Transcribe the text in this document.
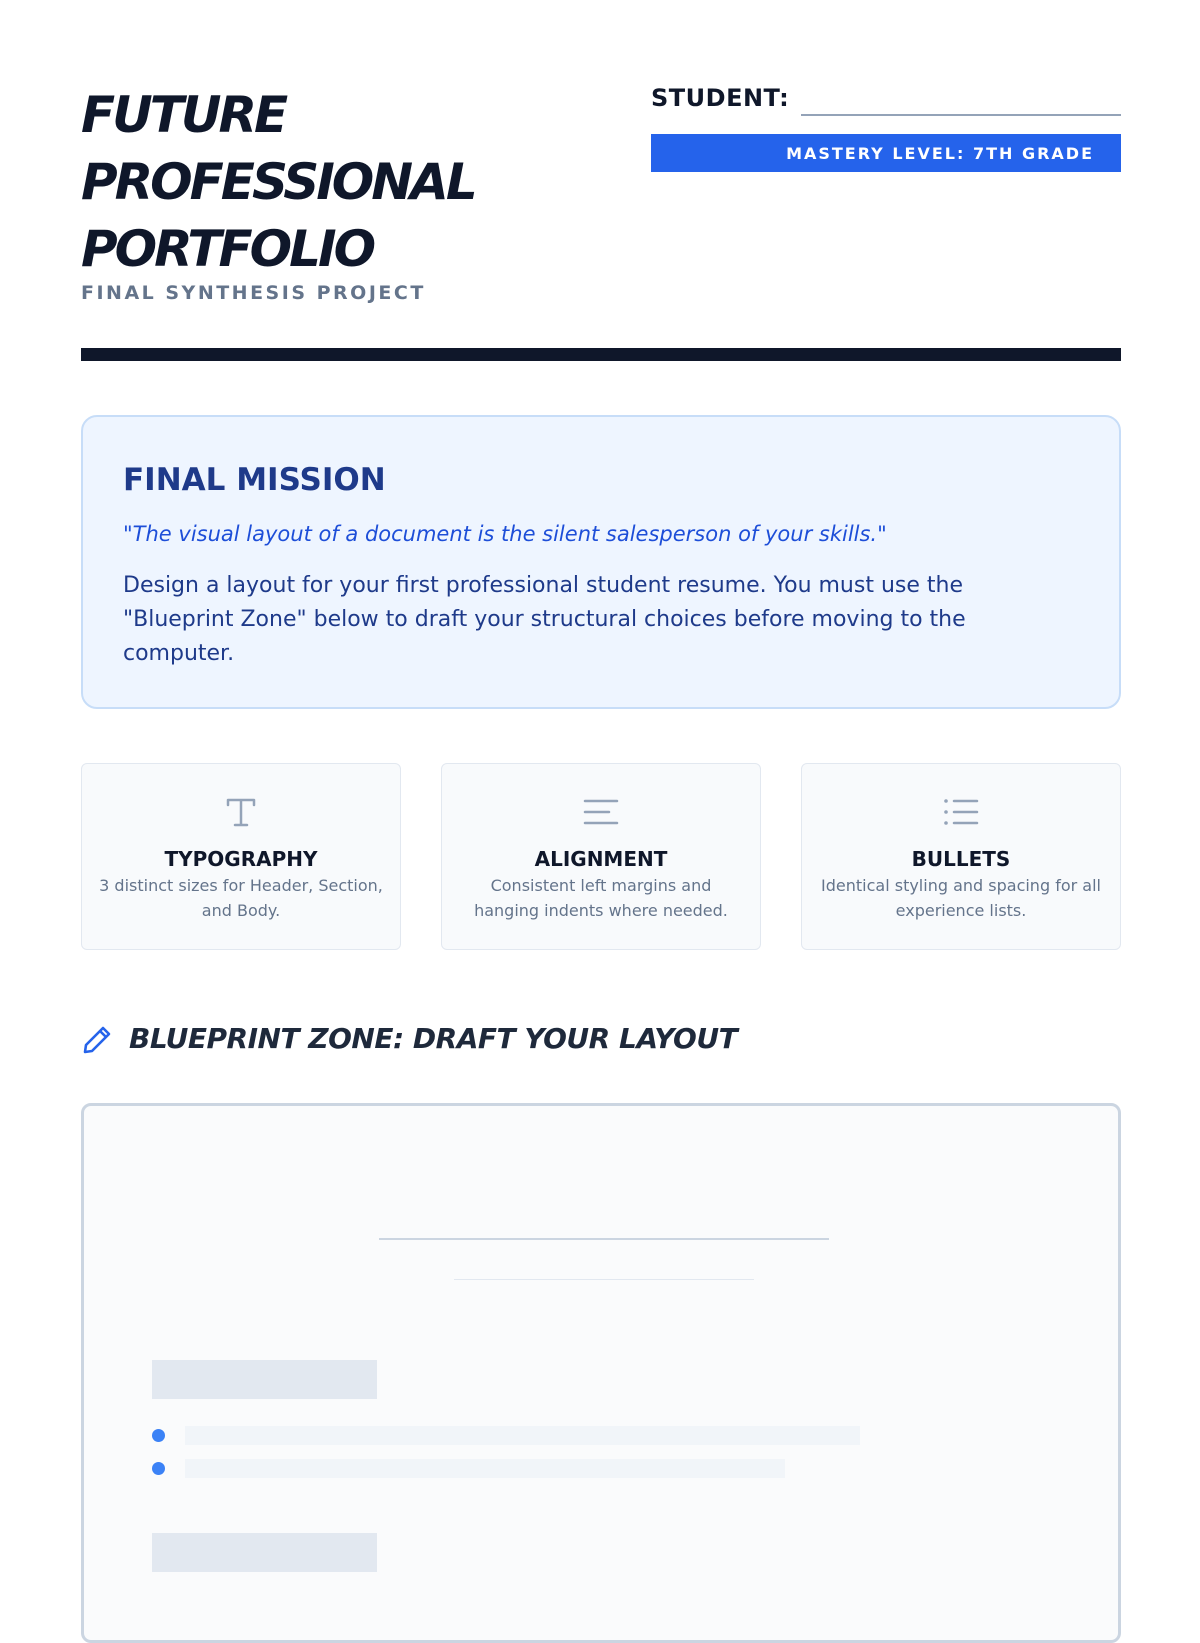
FUTURE
PROFESSIONAL
PORTFOLIO
FINAL SYNTHESIS PROJECT
STUDENT:
MASTERY LEVEL: 7TH GRADE
FINAL MISSION
"The visual layout of a document is the silent salesperson of your skills."
Design a layout for your first professional student resume. You must use the "Blueprint Zone" below to draft your structural choices before moving to the computer.
TYPOGRAPHY
3 distinct sizes for Header, Section, and Body.
ALIGNMENT
Consistent left margins and hanging indents where needed.
BULLETS
Identical styling and spacing for all experience lists.
BLUEPRINT ZONE: DRAFT YOUR LAYOUT
